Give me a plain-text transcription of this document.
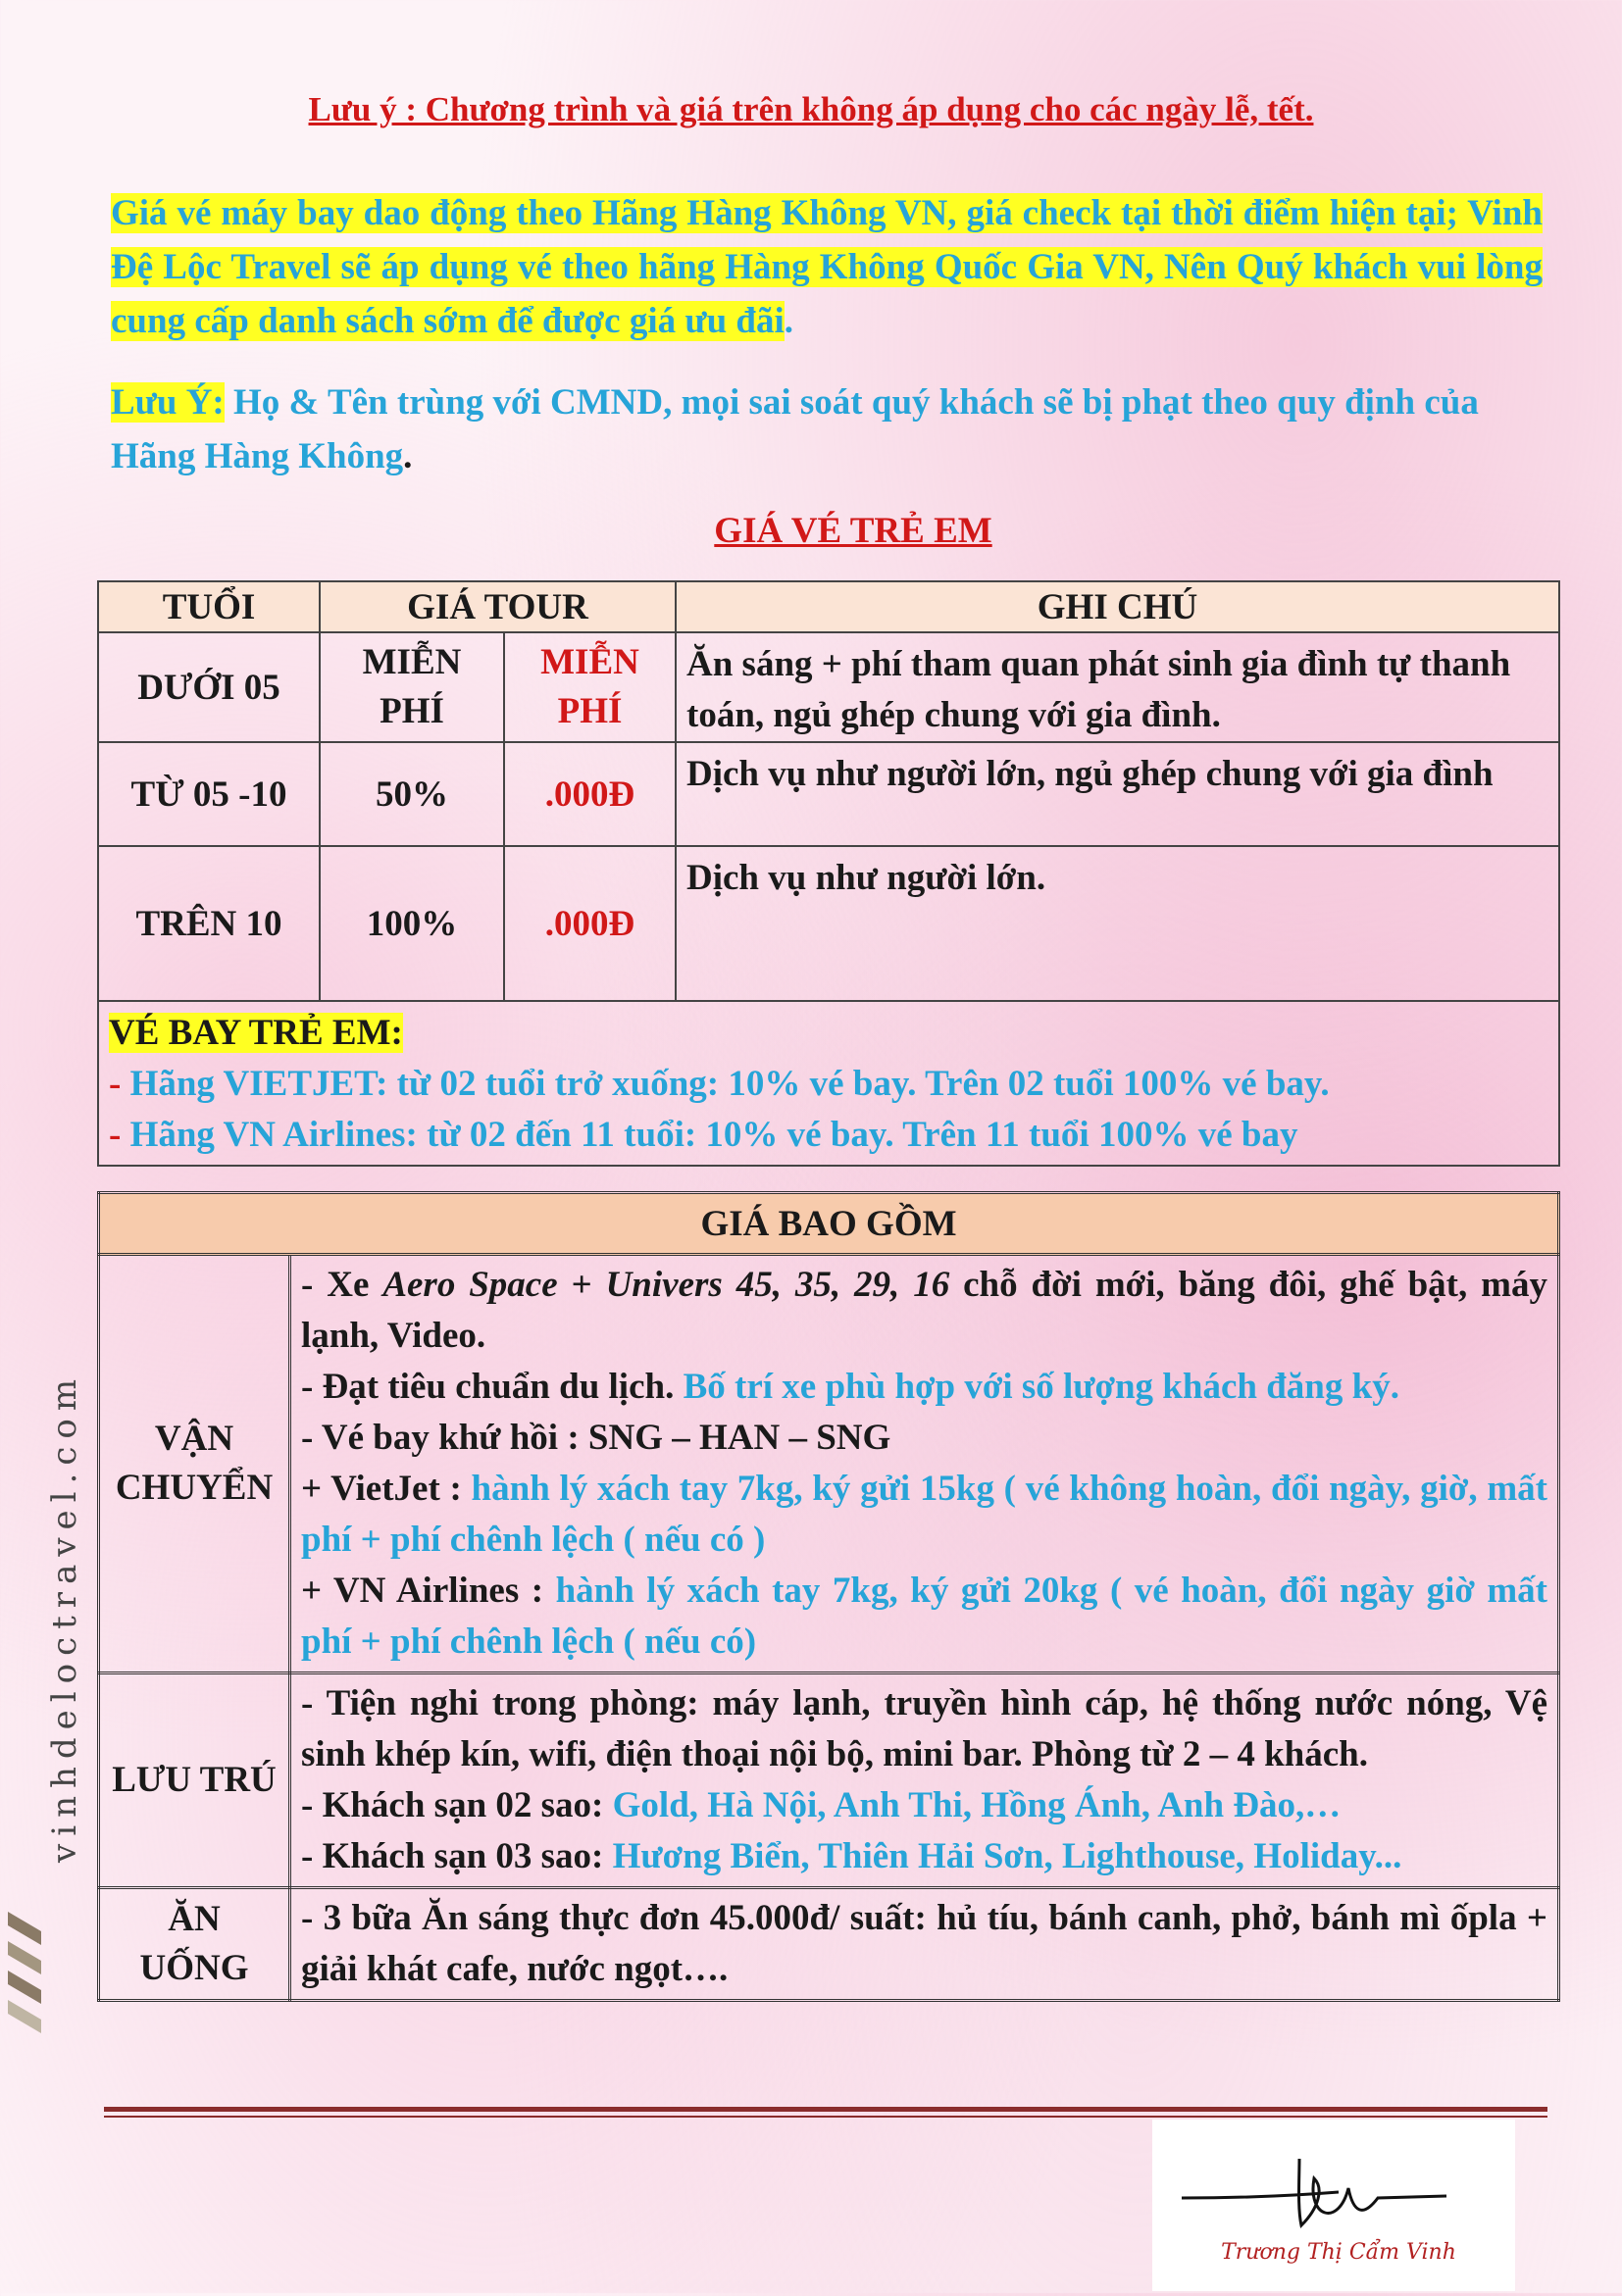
Lưu ý : Chương trình và giá trên không áp dụng cho các ngày lễ, tết.
Giá vé máy bay dao động theo Hãng Hàng Không VN, giá check tại thời điểm hiện tại; Vinh Đệ Lộc Travel sẽ áp dụng vé theo hãng Hàng Không Quốc Gia VN, Nên Quý khách vui lòng cung cấp danh sách sớm để được giá ưu đãi.
Lưu Ý: Họ & Tên trùng với CMND, mọi sai soát quý khách sẽ bị phạt theo quy định của Hãng Hàng Không.
GIÁ VÉ TRẺ EM
TUỔI	GIÁ TOUR		GHI CHÚ
DƯỚI 05	MIỄN PHÍ	MIỄN PHÍ	Ăn sáng + phí tham quan phát sinh gia đình tự thanh toán, ngủ ghép chung với gia đình.
TỪ 05 -10	50%	.000Đ	Dịch vụ như người lớn, ngủ ghép chung với gia đình
TRÊN 10	100%	.000Đ	Dịch vụ như người lớn.

VÉ BAY TRẺ EM:
- Hãng VIETJET: từ 02 tuổi trở xuống: 10% vé bay. Trên 02 tuổi 100% vé bay.
- Hãng VN Airlines: từ 02 đến 11 tuổi: 10% vé bay. Trên 11 tuổi 100% vé bay			
GIÁ BAO GỒM	
VẬN CHUYỂN	- Xe Aero Space + Univers 45, 35, 29, 16 chỗ đời mới, băng đôi, ghế bật, máy lạnh, Video.
- Đạt tiêu chuẩn du lịch. Bố trí xe phù hợp với số lượng khách đăng ký.
- Vé bay khứ hồi : SNG – HAN – SNG
+ VietJet : hành lý xách tay 7kg, ký gửi 15kg ( vé không hoàn, đổi ngày, giờ, mất phí + phí chênh lệch ( nếu có )
+ VN Airlines : hành lý xách tay 7kg, ký gửi 20kg ( vé hoàn, đổi ngày giờ mất phí + phí chênh lệch ( nếu có)

LƯU TRÚ	- Tiện nghi trong phòng: máy lạnh, truyền hình cáp, hệ thống nước nóng, Vệ sinh khép kín, wifi, điện thoại nội bộ, mini bar. Phòng từ 2 – 4 khách.
- Khách sạn 02 sao: Gold, Hà Nội, Anh Thi, Hồng Ánh, Anh Đào,…
- Khách sạn 03 sao: Hương Biển, Thiên Hải Sơn, Lighthouse, Holiday...

ĂN UỐNG	- 3 bữa Ăn sáng thực đơn 45.000đ/ suất: hủ tíu, bánh canh, phở, bánh mì ốpla + giải khát cafe, nước ngọt….
vinhdeloctravel.com
Trương Thị Cẩm Vinh
